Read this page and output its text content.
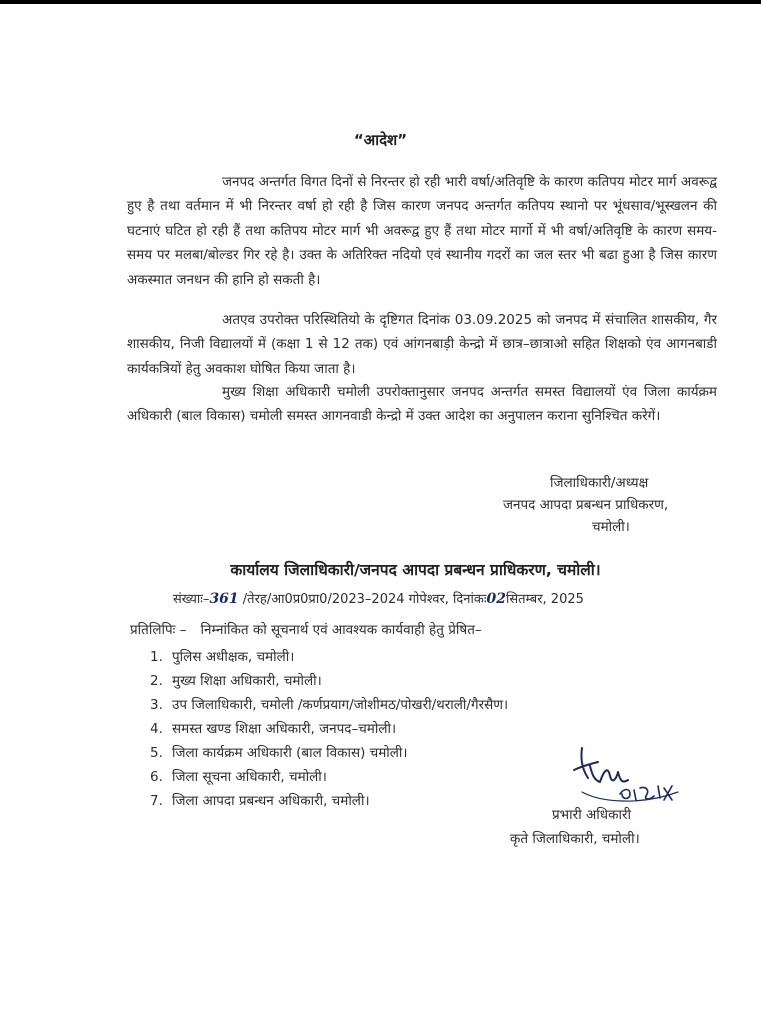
“आदेश”
जनपद अन्तर्गत विगत दिनों से निरन्तर हो रही भारी वर्षा/अतिवृष्टि के कारण कतिपय मोटर मार्ग अवरूद्व हुए है तथा वर्तमान में भी निरन्तर वर्षा हो रही है जिस कारण जनपद अन्तर्गत कतिपय स्थानो पर भूंधसाव/भूस्खलन की घटनाएं घटित हो रही हैं तथा कतिपय मोटर मार्ग भी अवरूद्व हुए हैं तथा मोटर मार्गो में भी वर्षा/अतिवृष्टि के कारण समय-समय पर मलबा/बोल्डर गिर रहे है। उक्त के अतिरिक्त नदियो एवं स्थानीय गदरों का जल स्तर भी बढा हुआ है जिस कारण अकस्मात जनधन की हानि हो सकती है।
अतएव उपरोक्त परिस्थितियो के दृष्टिगत दिनांक 03.09.2025 को जनपद में संचालित शासकीय, गैर शासकीय, निजी विद्यालयों में (कक्षा 1 से 12 तक) एवं आंगनबाड़ी केन्द्रो में छात्र–छात्राओ सहित शिक्षको एंव आगनबाडी कार्यकत्रियों हेतु अवकाश घोषित किया जाता है।
मुख्य शिक्षा अधिकारी चमोली उपरोक्तानुसार जनपद अन्तर्गत समस्त विद्यालयों एंव जिला कार्यक्रम अधिकारी (बाल विकास) चमोली समस्त आगनवाडी केन्द्रो में उक्त आदेश का अनुपालन कराना सुनिश्चित करेगें।
जिलाधिकारी/अध्यक्ष
जनपद आपदा प्रबन्धन प्राधिकरण,
चमोली।
कार्यालय जिलाधिकारी/जनपद आपदा प्रबन्धन प्राधिकरण, चमोली।
संख्याः–361 /तेरह/आ0प्र0प्रा0/2023–2024 गोपेश्वर, दिनांकः02सितम्बर, 2025
प्रतिलिपिः – निम्नांकित को सूचनार्थ एवं आवश्यक कार्यवाही हेतु प्रेषित–
1. पुलिस अधीक्षक, चमोली।
2. मुख्य शिक्षा अधिकारी, चमोली।
3. उप जिलाधिकारी, चमोली /कर्णप्रयाग/जोशीमठ/पोखरी/थराली/गैरसैण।
4. समस्त खण्ड शिक्षा अधिकारी, जनपद–चमोली।
5. जिला कार्यक्रम अधिकारी (बाल विकास) चमोली।
6. जिला सूचना अधिकारी, चमोली।
7. जिला आपदा प्रबन्धन अधिकारी, चमोली।
प्रभारी अधिकारी
कृते जिलाधिकारी, चमोली।
